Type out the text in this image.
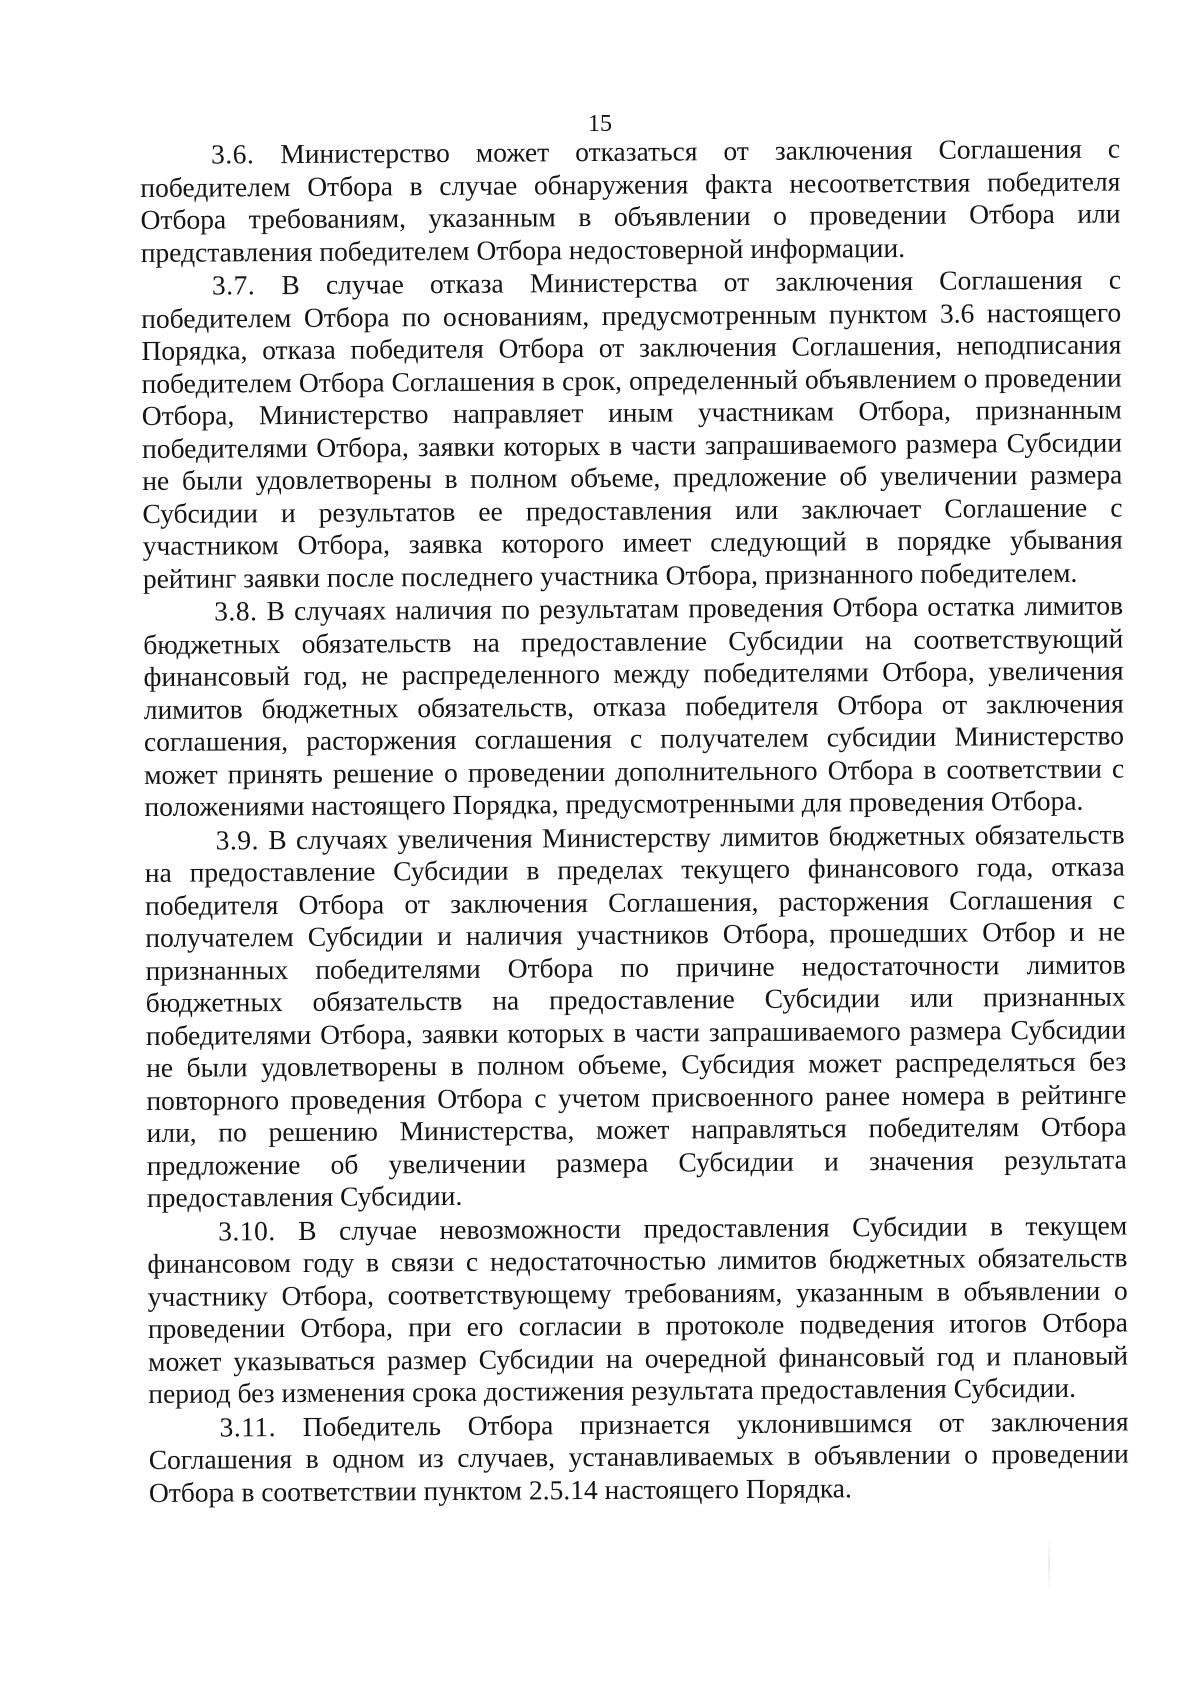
15

3.6. Министерство может отказаться от заключения Соглашения с победителем Отбора в случае обнаружения факта несоответствия победителя Отбора требованиям, указанным в объявлении о проведении Отбора или представления победителем Отбора недостоверной информации.

3.7. В случае отказа Министерства от заключения Соглашения с победителем Отбора по основаниям, предусмотренным пунктом 3.6 настоящего Порядка, отказа победителя Отбора от заключения Соглашения, неподписания победителем Отбора Соглашения в срок, определенный объявлением о проведении Отбора, Министерство направляет иным участникам Отбора, признанным победителями Отбора, заявки которых в части запрашиваемого размера Субсидии не были удовлетворены в полном объеме, предложение об увеличении размера Субсидии и результатов ее предоставления или заключает Соглашение с участником Отбора, заявка которого имеет следующий в порядке убывания рейтинг заявки после последнего участника Отбора, признанного победителем.

3.8. В случаях наличия по результатам проведения Отбора остатка лимитов бюджетных обязательств на предоставление Субсидии на соответствующий финансовый год, не распределенного между победителями Отбора, увеличения лимитов бюджетных обязательств, отказа победителя Отбора от заключения соглашения, расторжения соглашения с получателем субсидии Министерство может принять решение о проведении дополнительного Отбора в соответствии с положениями настоящего Порядка, предусмотренными для проведения Отбора.

3.9. В случаях увеличения Министерству лимитов бюджетных обязательств на предоставление Субсидии в пределах текущего финансового года, отказа победителя Отбора от заключения Соглашения, расторжения Соглашения с получателем Субсидии и наличия участников Отбора, прошедших Отбор и не признанных победителями Отбора по причине недостаточности лимитов бюджетных обязательств на предоставление Субсидии или признанных победителями Отбора, заявки которых в части запрашиваемого размера Субсидии не были удовлетворены в полном объеме, Субсидия может распределяться без повторного проведения Отбора с учетом присвоенного ранее номера в рейтинге или, по решению Министерства, может направляться победителям Отбора предложение об увеличении размера Субсидии и значения результата предоставления Субсидии.

3.10. В случае невозможности предоставления Субсидии в текущем финансовом году в связи с недостаточностью лимитов бюджетных обязательств участнику Отбора, соответствующему требованиям, указанным в объявлении о проведении Отбора, при его согласии в протоколе подведения итогов Отбора может указываться размер Субсидии на очередной финансовый год и плановый период без изменения срока достижения результата предоставления Субсидии.

3.11. Победитель Отбора признается уклонившимся от заключения Соглашения в одном из случаев, устанавливаемых в объявлении о проведении Отбора в соответствии пунктом 2.5.14 настоящего Порядка.
